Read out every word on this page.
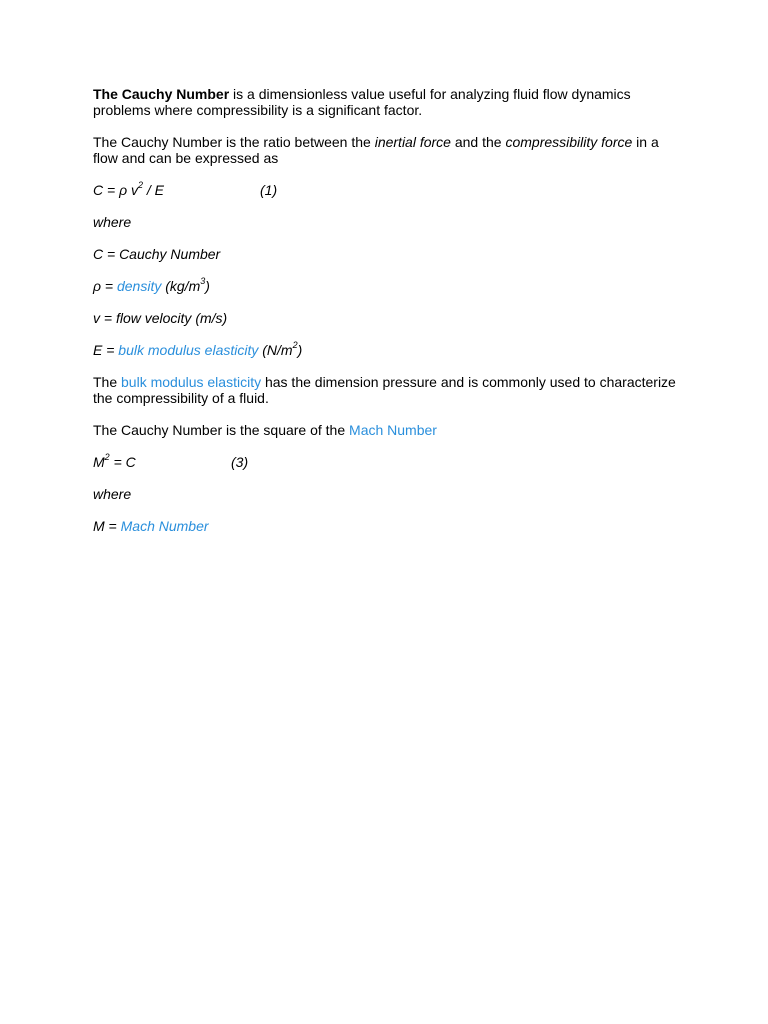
The Cauchy Number is a dimensionless value useful for analyzing fluid flow dynamics problems where compressibility is a significant factor.

The Cauchy Number is the ratio between the inertial force and the compressibility force in a flow and can be expressed as

C = ρ $v^2$ / E	(1)

where

C = Cauchy Number

ρ = density $(kg/m^3)$

v = flow velocity (m/s)

E = bulk modulus elasticity $(N/m^2)$

The bulk modulus elasticity has the dimension pressure and is commonly used to characterize the compressibility of a fluid.

The Cauchy Number is the square of the Mach Number

$M^2 = C$	(3)

where

M = Mach Number
